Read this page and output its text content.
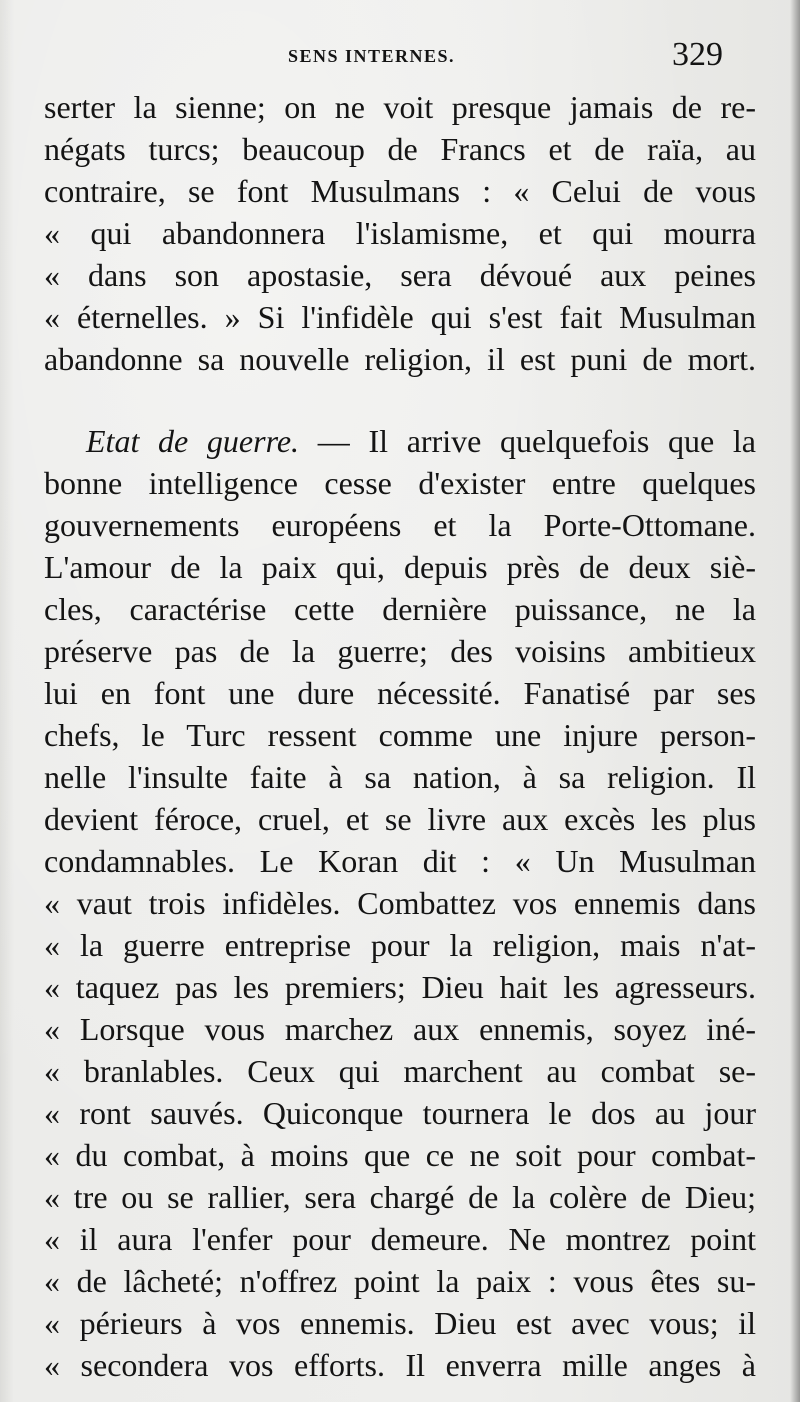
SENS INTERNES.	329
serter la sienne; on ne voit presque jamais de re-
négats turcs; beaucoup de Francs et de raïa, au
contraire, se font Musulmans : « Celui de vous
« qui abandonnera l'islamisme, et qui mourra
« dans son apostasie, sera dévoué aux peines
« éternelles. » Si l'infidèle qui s'est fait Musulman
abandonne sa nouvelle religion, il est puni de mort.
Etat de guerre. — Il arrive quelquefois que la
bonne intelligence cesse d'exister entre quelques
gouvernements européens et la Porte-Ottomane.
L'amour de la paix qui, depuis près de deux siè-
cles, caractérise cette dernière puissance, ne la
préserve pas de la guerre; des voisins ambitieux
lui en font une dure nécessité. Fanatisé par ses
chefs, le Turc ressent comme une injure person-
nelle l'insulte faite à sa nation, à sa religion. Il
devient féroce, cruel, et se livre aux excès les plus
condamnables. Le Koran dit : « Un Musulman
« vaut trois infidèles. Combattez vos ennemis dans
« la guerre entreprise pour la religion, mais n'at-
« taquez pas les premiers; Dieu hait les agresseurs.
« Lorsque vous marchez aux ennemis, soyez iné-
« branlables. Ceux qui marchent au combat se-
« ront sauvés. Quiconque tournera le dos au jour
« du combat, à moins que ce ne soit pour combat-
« tre ou se rallier, sera chargé de la colère de Dieu;
« il aura l'enfer pour demeure. Ne montrez point
« de lâcheté; n'offrez point la paix : vous êtes su-
« périeurs à vos ennemis. Dieu est avec vous; il
« secondera vos efforts. Il enverra mille anges à
